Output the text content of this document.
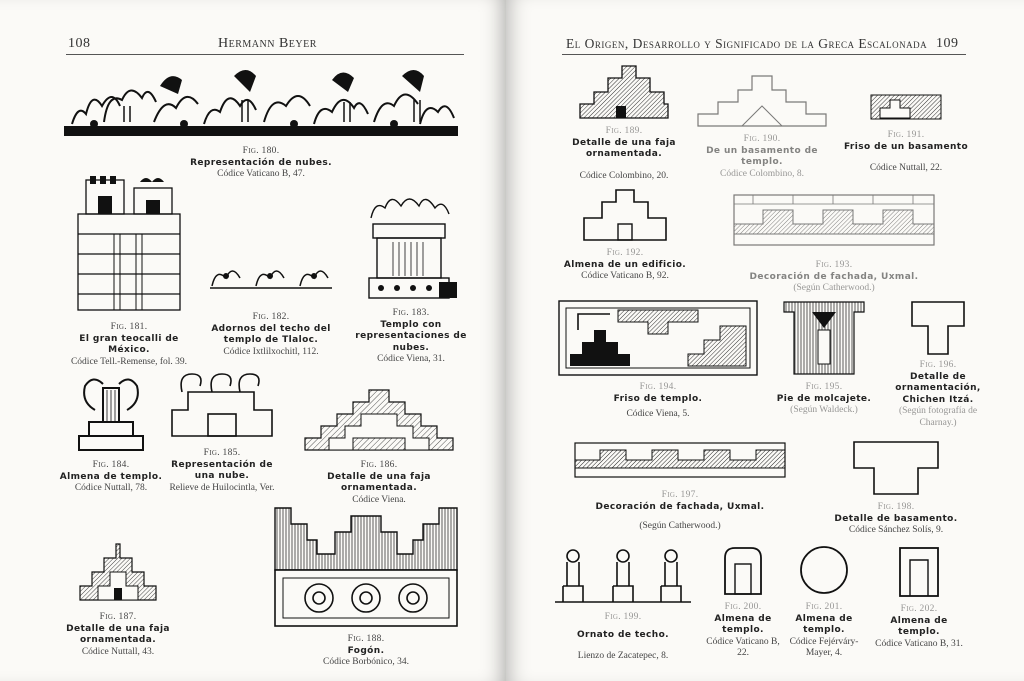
108	Hermann Beyer
Fig. 180.
Representación de nubes.
Códice Vaticano B, 47.
Fig. 181.
El gran teocalli de México.
Códice Tell.-Remense, fol. 39.
Fig. 182.
Adornos del techo del templo de Tlaloc.
Códice Ixtlilxochitl, 112.
Fig. 183.
Templo con representaciones de nubes.
Códice Viena, 31.
Fig. 184.
Almena de templo.
Códice Nuttall, 78.
Fig. 185.
Representación de una nube.
Relieve de Huilocintla, Ver.
Fig. 186.
Detalle de una faja ornamentada.
Códice Viena.
Fig. 187.
Detalle de una faja ornamentada.
Códice Nuttall, 43.
Fig. 188.
Fogón.
Códice Borbónico, 34.
El Origen, Desarrollo y Significado de la Greca Escalonada 109
Fig. 189.
Detalle de una faja ornamentada.
Códice Colombino, 20.
Fig. 190.
De un basamento de templo.
Códice Colombino, 8.
Fig. 191.
Friso de un basamento
Códice Nuttall, 22.
Fig. 192.
Almena de un edificio.
Códice Vaticano B, 92.
Fig. 193.
Decoración de fachada, Uxmal.
(Según Catherwood.)
Fig. 194.
Friso de templo.
Códice Viena, 5.
Fig. 195.
Pie de molcajete.
(Según Waldeck.)
Fig. 196.
Detalle de ornamentación, Chichen Itzá.
(Según fotografía de Charnay.)
Fig. 197.
Decoración de fachada, Uxmal.
(Según Catherwood.)
Fig. 198.
Detalle de basamento.
Códice Sánchez Solís, 9.
Fig. 199.
Ornato de techo.
Lienzo de Zacatepec, 8.
Fig. 200.
Almena de templo.
Códice Vaticano B, 22.
Fig. 201.
Almena de templo.
Códice Fejérváry-Mayer, 4.
Fig. 202.
Almena de templo.
Códice Vaticano B, 31.
